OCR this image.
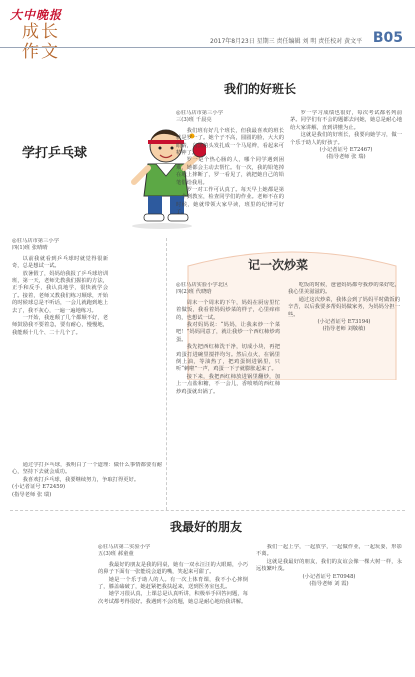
大中晚报
成长
作文
2017年8月23日 星期三 责任编辑 刘 明 责任校对 黄文平 B05
学打乒乓球
◎驻马店市第三小学
四(1)班 张晴晴

以前我就看到乒乓球时就觉得很新奇，总是想试一试。

放暑假了，妈妈给我报了乒乓球培训班，第一天，老师先教我们握拍的方法，正手和反手，我认真地学，很快就学会了。接着，老师又教我们练习颠球，开始的时候球总是不听话，一会儿就跑到地上去了，我不灰心，一遍一遍地练习。

一开始，我连颠了几个都颠不好，老师鼓励我不要着急，要有耐心，慢慢地，我能颠十几个、二十几个了。

通过学打乒乓球，我明白了一个道理：做什么事情都要有耐心，坚持下去就会成功。

我喜欢打乒乓球，我要继续努力，争取打得更好。

(小记者证号 E72459)
(指导老师 张 瑞)
我们的好班长
◎驻马店市第三小学
三(3)班 千晨亮

我们班有好几个班长，但我最喜欢的班长就是罗一了。她个子不高，圆圆的脸，大大的眼睛，乌黑的头发扎成一个马尾辫，看起来可精神了。

罗一是个热心肠的人，哪个同学遇到困难，她都会主动去帮忙。有一次，我的铅笔掉在地上摔断了，罗一看见了，就把她自己的铅笔借给我用。

罗一对工作可认真了。每天早上她都是第一个到教室，检查同学们的作业。老师不在的时候，她就带领大家早读，班里的纪律可好了。

罗一学习成绩也很好，每次考试都名列前茅。同学们有不会的题都去问她，她总是耐心地给大家讲解，直到讲懂为止。

这就是我们的好班长，我要向她学习，做一个乐于助人的好孩子。

(小记者证号 E72467)
(指导老师 张 瑞)
记一次炒菜
◎驻马店实验小学北区
四(2)班 代晓晗

周末一个周末的下午，妈妈在厨房里忙着做饭，我看着妈妈炒菜的样子，心里痒痒的，也想试一试。

我对妈妈说：“妈妈，让我来炒一个菜吧！”妈妈同意了，就让我炒一个西红柿炒鸡蛋。

我先把西红柿洗干净，切成小块，再把鸡蛋打进碗里搅拌均匀。然后点火，在锅里倒上油，等油热了，把鸡蛋倒进锅里，只听“刺啦”一声，鸡蛋一下子就膨胀起来了。

接下来，我把西红柿放进锅里翻炒，加上一点盐和糖，不一会儿，香喷喷的西红柿炒鸡蛋就出锅了。

吃饭的时候，爸爸妈妈都夸我炒的菜好吃，我心里美滋滋的。

通过这次炒菜，我体会到了妈妈平时做饭的辛苦，以后我要多帮妈妈做家务，为妈妈分担一些。

(小记者证号 E73194)
(指导老师 刘敬敏)
我最好的朋友
◎驻马店第二实验小学
五(3)班 郝童童

我最好的朋友是我的同桌，她有一双水汪汪的大眼睛，小巧的鼻子下面有一张能说会道的嘴，笑起来可甜了。

她是一个乐于助人的人。有一次上体育课，我不小心摔倒了，膝盖磕破了，她赶紧把我扶起来，送到医务室包扎。

她学习很认真，上课总是认真听讲，积极举手回答问题，每次考试都考得很好。我遇到不会的题，她总是耐心地给我讲解。

我们一起上学，一起放学，一起做作业，一起玩耍，形影不离。

这就是我最好的朋友，我们的友谊会像一棵大树一样，永远枝繁叶茂。

(小记者证号 E70948)
(指导老师 刘 霞)
